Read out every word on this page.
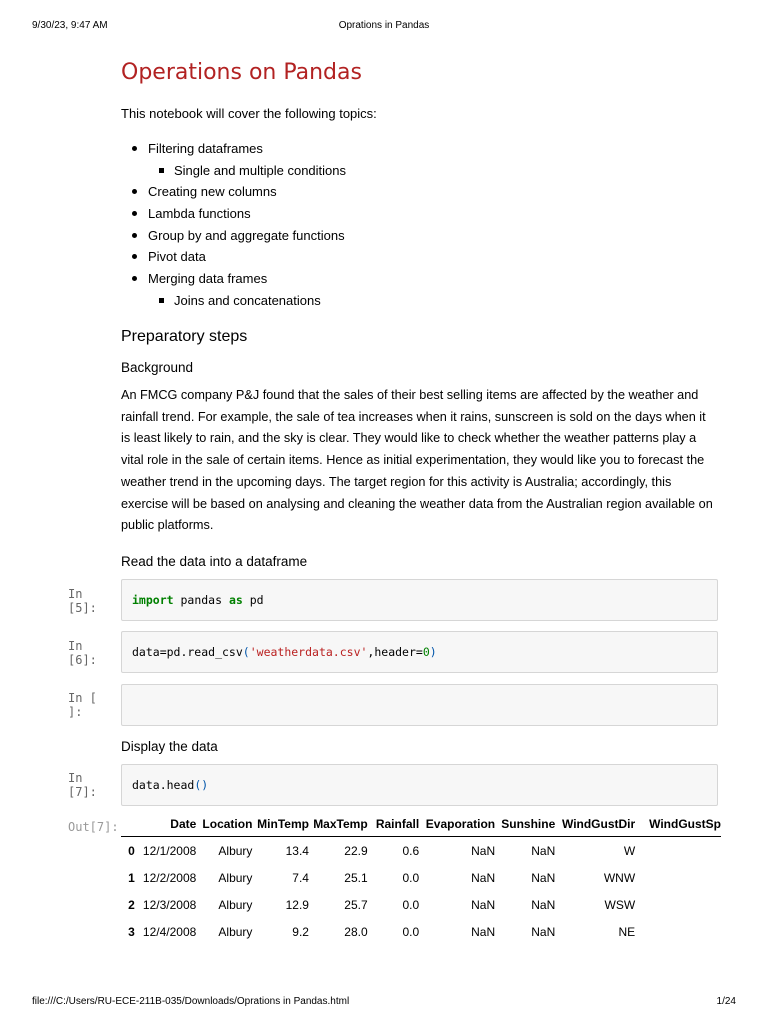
9/30/23, 9:47 AM	Oprations in Pandas
Operations on Pandas

This notebook will cover the following topics:

Filtering dataframes
Single and multiple conditions
Creating new columns
Lambda functions
Group by and aggregate functions
Pivot data
Merging data frames
Joins and concatenations
Preparatory steps
Background

An FMCG company P&J found that the sales of their best selling items are affected by the weather and rainfall trend. For example, the sale of tea increases when it rains, sunscreen is sold on the days when it is least likely to rain, and the sky is clear. They would like to check whether the weather patterns play a vital role in the sale of certain items. Hence as initial experimentation, they would like you to forecast the weather trend in the upcoming days. The target region for this activity is Australia; accordingly, this exercise will be based on analysing and cleaning the weather data from the Australian region available on public platforms.

Read the data into a dataframe
Display the data
In [5]:
import pandas as pd
In [6]:
data=pd.read_csv('weatherdata.csv',header=0)
In [ ]:
In [7]:	data.head()
Out[7]:
		Date	Location	MinTemp	MaxTemp	Rainfall	Evaporation	Sunshine	WindGustDir	WindGustSp
0	12/1/2008	Albury	13.4	22.9	0.6	NaN	NaN	W	
1	12/2/2008	Albury	7.4	25.1	0.0	NaN	NaN	WNW	
2	12/3/2008	Albury	12.9	25.7	0.0	NaN	NaN	WSW	
3	12/4/2008	Albury	9.2	28.0	0.0	NaN	NaN	NE	
file:///C:/Users/RU-ECE-211B-035/Downloads/Oprations in Pandas.html	1/24
